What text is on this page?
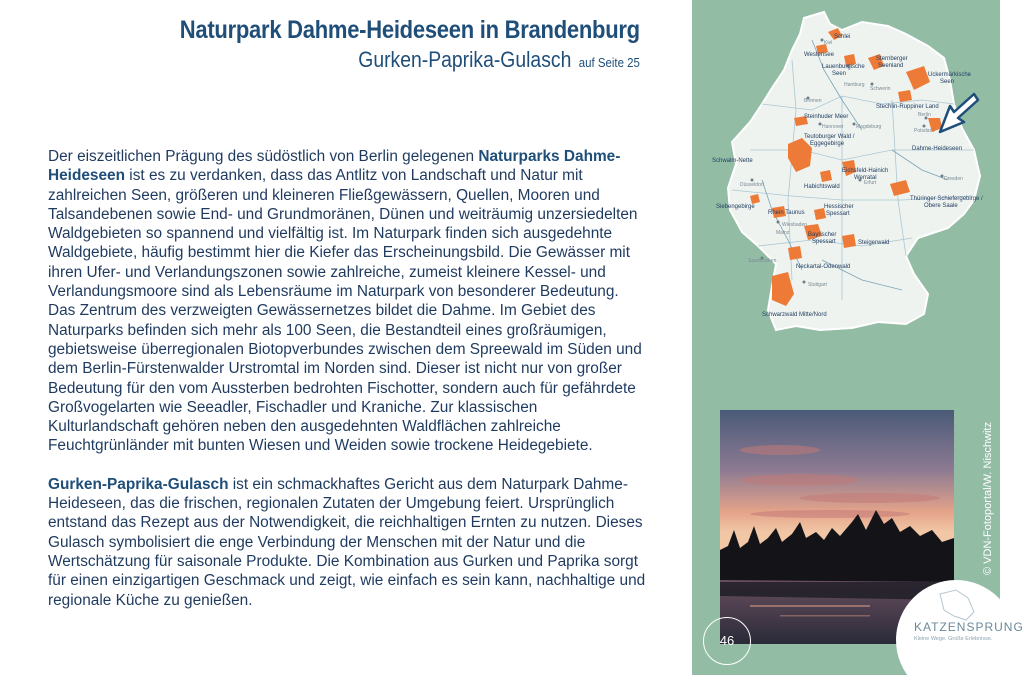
Naturpark Dahme-Heideseen in Brandenburg
Gurken-Paprika-Gulasch auf Seite 25

Der eiszeitlichen Prägung des südöstlich von Berlin gelegenen Naturparks Dahme-Heideseen ist es zu verdanken, dass das Antlitz von Landschaft und Natur mit zahlreichen Seen, größeren und kleineren Fließgewässern, Quellen, Mooren und Talsandebenen sowie End- und Grundmoränen, Dünen und weiträumig unzersiedelten Waldgebieten so spannend und vielfältig ist. Im Naturpark finden sich ausgedehnte Waldgebiete, häufig bestimmt hier die Kiefer das Erscheinungsbild. Die Gewässer mit ihren Ufer- und Verlandungszonen sowie zahlreiche, zumeist kleinere Kessel- und Verlandungsmoore sind als Lebensräume im Naturpark von besonderer Bedeutung. Das Zentrum des verzweigten Gewässernetzes bildet die Dahme. Im Gebiet des Naturparks befinden sich mehr als 100 Seen, die Bestandteil eines großräumigen, gebietsweise überregionalen Biotopverbundes zwischen dem Spreewald im Süden und dem Berlin-Fürstenwalder Urstromtal im Norden sind. Dieser ist nicht nur von großer Bedeutung für den vom Aussterben bedrohten Fischotter, sondern auch für gefährdete Großvogelarten wie Seeadler, Fischadler und Kraniche. Zur klassischen Kulturlandschaft gehören neben den ausgedehnten Waldflächen zahlreiche Feuchtgrünländer mit bunten Wiesen und Weiden sowie trockene Heidegebiete.

Gurken-Paprika-Gulasch ist ein schmackhaftes Gericht aus dem Naturpark Dahme-Heideseen, das die frischen, regionalen Zutaten der Umgebung feiert. Ursprünglich entstand das Rezept aus der Notwendigkeit, die reichhaltigen Ernten zu nutzen. Dieses Gulasch symbolisiert die enge Verbindung der Menschen mit der Natur und die Wertschätzung für saisonale Produkte. Die Kombination aus Gurken und Paprika sorgt für einen einzigartigen Geschmack und zeigt, wie einfach es sein kann, nachhaltige und regionale Küche zu genießen.

Schlei
Westensee
Lauenburgische
Seen
Sternberger
Seenland
Uckermärkische
Seen
Stechlin-Ruppiner Land
Steinhuder Meer
Dahme-Heideseen
Teutoburger Wald /
Eggegebirge
Schwalm-Nette
Eichsfeld-Hainich
Werratal
Habichtswald
Siebengebirge
Rhein Taunus
Hessischer
Spessart
Thüringer Schiefergebirge /
Obere Saale
Bayrischer
Spessart	Steigerwald
Neckartal-Odenwald
Schwarzwald Mitte/Nord
Kiel
Schwerin
Hamburg
Bremen
Hannover Magdeburg
Berlin
Potsdam
Erfurt
Dresden
Düsseldorf
Wiesbaden
Mainz
Saarbrücken
Stuttgart
© VDN-Fotoportal/W. Nischwitz
46
KATZENSPRUNG
Kleine Wege. Große Erlebnisse.
